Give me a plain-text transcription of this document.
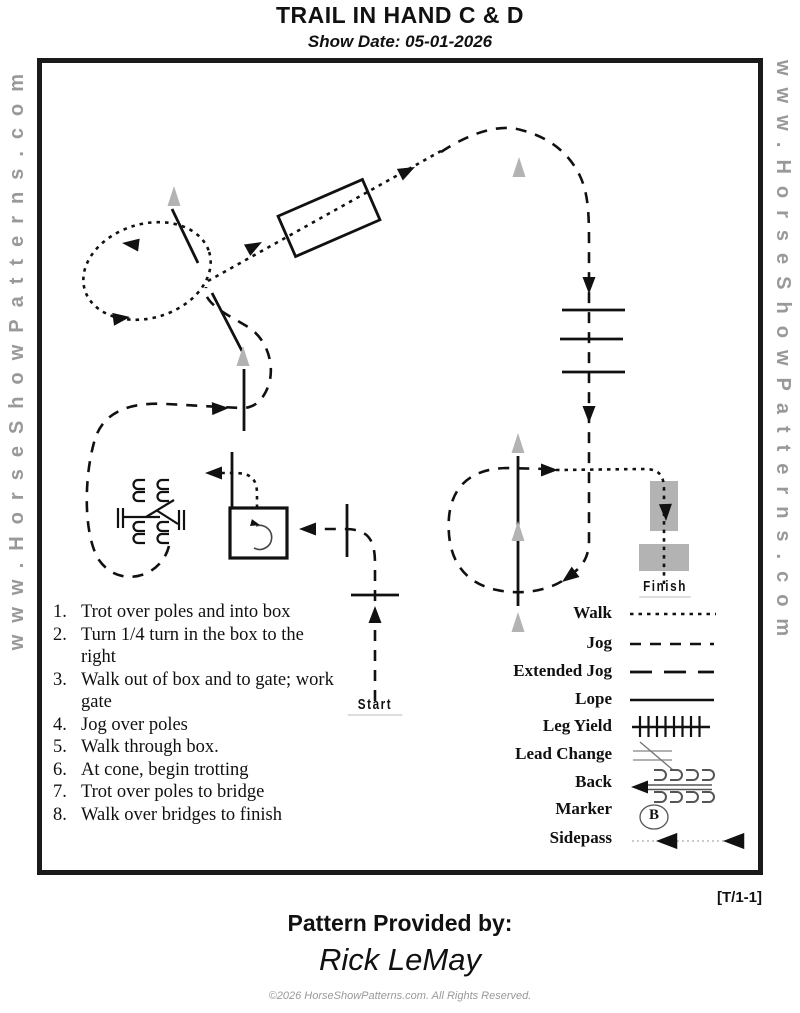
TRAIL IN HAND C & D
Show Date: 05-01-2026
www.HorseShowPatterns.com	www.HorseShowPatterns.com
1. Trot over poles and into box
2. Turn 1/4 turn in the box to the right
3. Walk out of box and to gate; work gate
4. Jog over poles
5. Walk through box.
6. At cone, begin trotting
7. Trot over poles to bridge
8. Walk over bridges to finish
Walk
Jog
Extended Jog
Lope
Leg Yield
Lead Change
Back
Marker
Sidepass
Start
Finish
B
[T/1-1]
Pattern Provided by:
Rick LeMay
©2026 HorseShowPatterns.com. All Rights Reserved.
